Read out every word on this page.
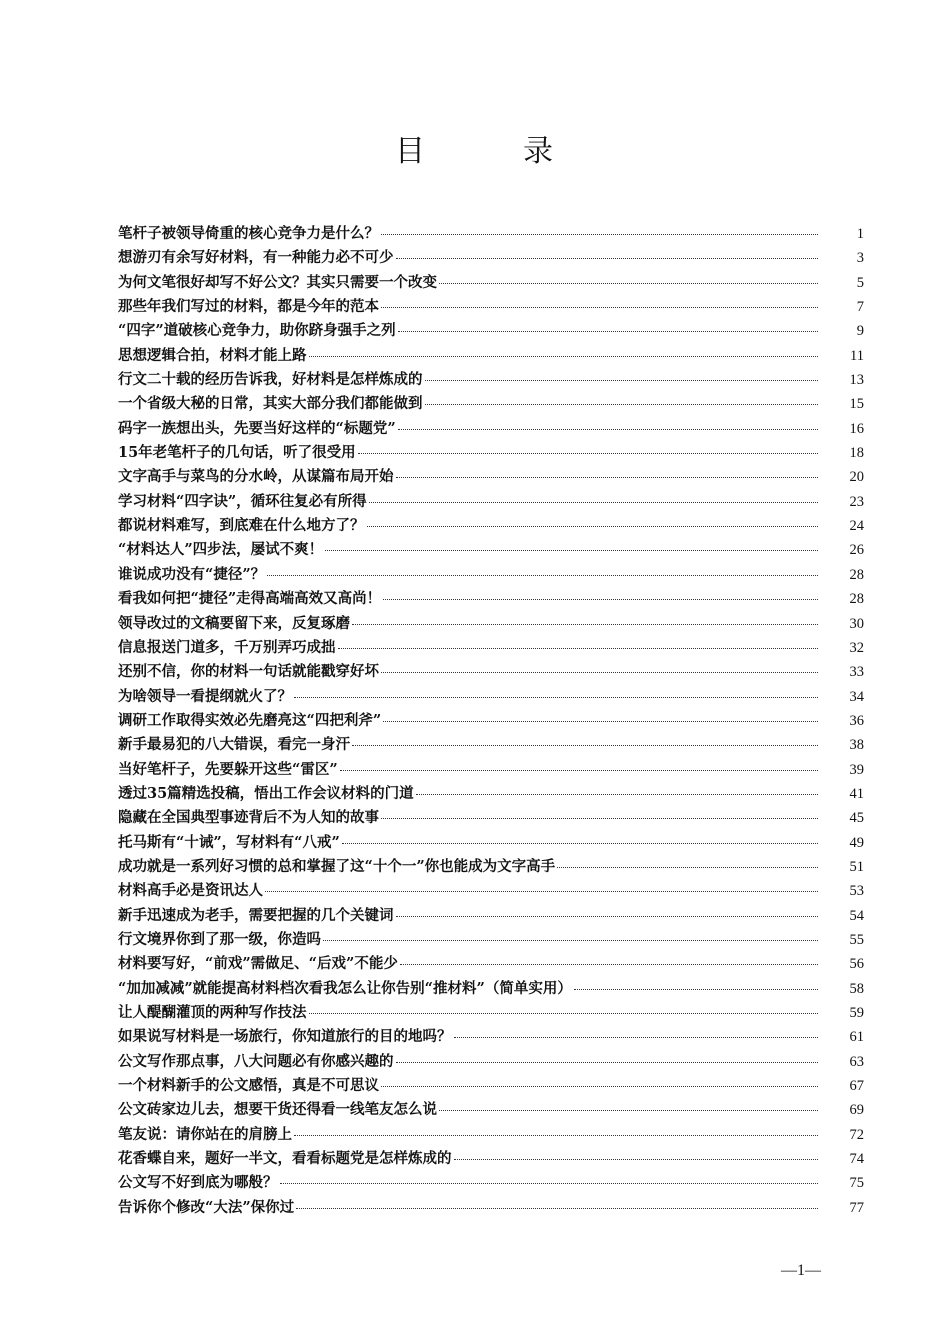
目　　　录
笔杆子被领导倚重的核心竞争力是什么？	1
想游刃有余写好材料，有一种能力必不可少	3
为何文笔很好却写不好公文？其实只需要一个改变	5
那些年我们写过的材料，都是今年的范本	7
“四字”道破核心竞争力，助你跻身强手之列	9
思想逻辑合拍，材料才能上路	11
行文二十载的经历告诉我，好材料是怎样炼成的	13
一个省级大秘的日常，其实大部分我们都能做到	15
码字一族想出头，先要当好这样的“标题党”	16
15年老笔杆子的几句话，听了很受用	18
文字高手与菜鸟的分水岭，从谋篇布局开始	20
学习材料“四字诀”，循环往复必有所得	23
都说材料难写，到底难在什么地方了？	24
“材料达人”四步法，屡试不爽！	26
谁说成功没有“捷径”？	28
看我如何把“捷径”走得高端高效又高尚！	28
领导改过的文稿要留下来，反复琢磨	30
信息报送门道多，千万别弄巧成拙	32
还别不信，你的材料一句话就能戳穿好坏	33
为啥领导一看提纲就火了？	34
调研工作取得实效必先磨亮这“四把利斧”	36
新手最易犯的八大错误，看完一身汗	38
当好笔杆子，先要躲开这些“雷区”	39
透过35篇精选投稿，悟出工作会议材料的门道	41
隐藏在全国典型事迹背后不为人知的故事	45
托马斯有“十诫”，写材料有“八戒”	49
成功就是一系列好习惯的总和掌握了这“十个一”你也能成为文字高手	51
材料高手必是资讯达人	53
新手迅速成为老手，需要把握的几个关键词	54
行文境界你到了那一级，你造吗	55
材料要写好，“前戏”需做足、“后戏”不能少	56
“加加减减”就能提高材料档次看我怎么让你告别“推材料”（简单实用）	58
让人醍醐灌顶的两种写作技法	59
如果说写材料是一场旅行，你知道旅行的目的地吗？	61
公文写作那点事，八大问题必有你感兴趣的	63
一个材料新手的公文感悟，真是不可思议	67
公文砖家边儿去，想要干货还得看一线笔友怎么说	69
笔友说：请你站在的肩膀上	72
花香蝶自来，题好一半文，看看标题党是怎样炼成的	74
公文写不好到底为哪般？	75
告诉你个修改“大法”保你过	77
—1—
